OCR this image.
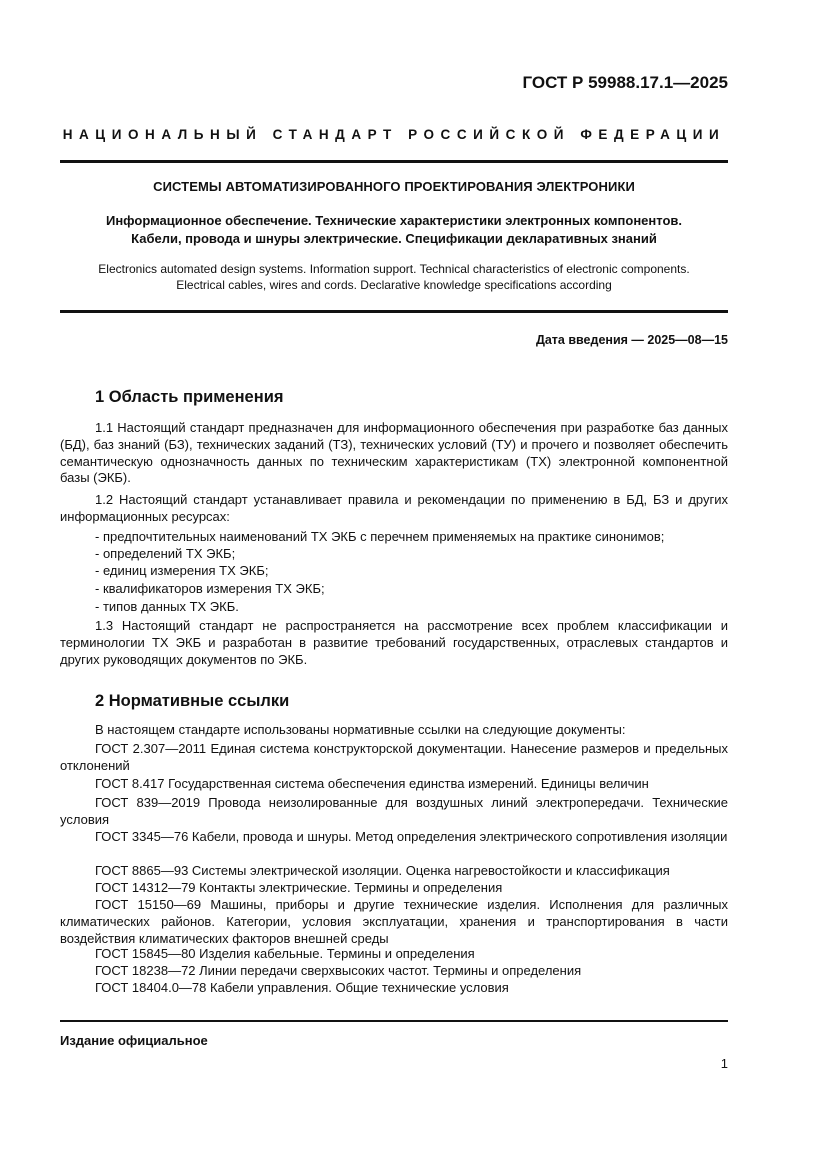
ГОСТ Р 59988.17.1—2025
НАЦИОНАЛЬНЫЙ СТАНДАРТ РОССИЙСКОЙ ФЕДЕРАЦИИ
СИСТЕМЫ АВТОМАТИЗИРОВАННОГО ПРОЕКТИРОВАНИЯ ЭЛЕКТРОНИКИ
Информационное обеспечение. Технические характеристики электронных компонентов.
Кабели, провода и шнуры электрические. Спецификации декларативных знаний
Electronics automated design systems. Information support. Technical characteristics of electronic components.
Electrical cables, wires and cords. Declarative knowledge specifications according
Дата введения — 2025—08—15
1 Область применения
1.1 Настоящий стандарт предназначен для информационного обеспечения при разработке баз данных (БД), баз знаний (БЗ), технических заданий (ТЗ), технических условий (ТУ) и прочего и позволяет обеспечить семантическую однозначность данных по техническим характеристикам (ТХ) электронной компонентной базы (ЭКБ).
1.2 Настоящий стандарт устанавливает правила и рекомендации по применению в БД, БЗ и других информационных ресурсах:
- предпочтительных наименований ТХ ЭКБ с перечнем применяемых на практике синонимов;
- определений ТХ ЭКБ;
- единиц измерения ТХ ЭКБ;
- квалификаторов измерения ТХ ЭКБ;
- типов данных ТХ ЭКБ.
1.3 Настоящий стандарт не распространяется на рассмотрение всех проблем классификации и терминологии ТХ ЭКБ и разработан в развитие требований государственных, отраслевых стандартов и других руководящих документов по ЭКБ.
2 Нормативные ссылки
В настоящем стандарте использованы нормативные ссылки на следующие документы:
ГОСТ 2.307—2011 Единая система конструкторской документации. Нанесение размеров и предельных отклонений
ГОСТ 8.417 Государственная система обеспечения единства измерений. Единицы величин
ГОСТ 839—2019 Провода неизолированные для воздушных линий электропередачи. Технические условия
ГОСТ 3345—76 Кабели, провода и шнуры. Метод определения электрического сопротивления изоляции
ГОСТ 8865—93 Системы электрической изоляции. Оценка нагревостойкости и классификация
ГОСТ 14312—79 Контакты электрические. Термины и определения
ГОСТ 15150—69 Машины, приборы и другие технические изделия. Исполнения для различных климатических районов. Категории, условия эксплуатации, хранения и транспортирования в части воздействия климатических факторов внешней среды
ГОСТ 15845—80 Изделия кабельные. Термины и определения
ГОСТ 18238—72 Линии передачи сверхвысоких частот. Термины и определения
ГОСТ 18404.0—78 Кабели управления. Общие технические условия
Издание официальное
1
